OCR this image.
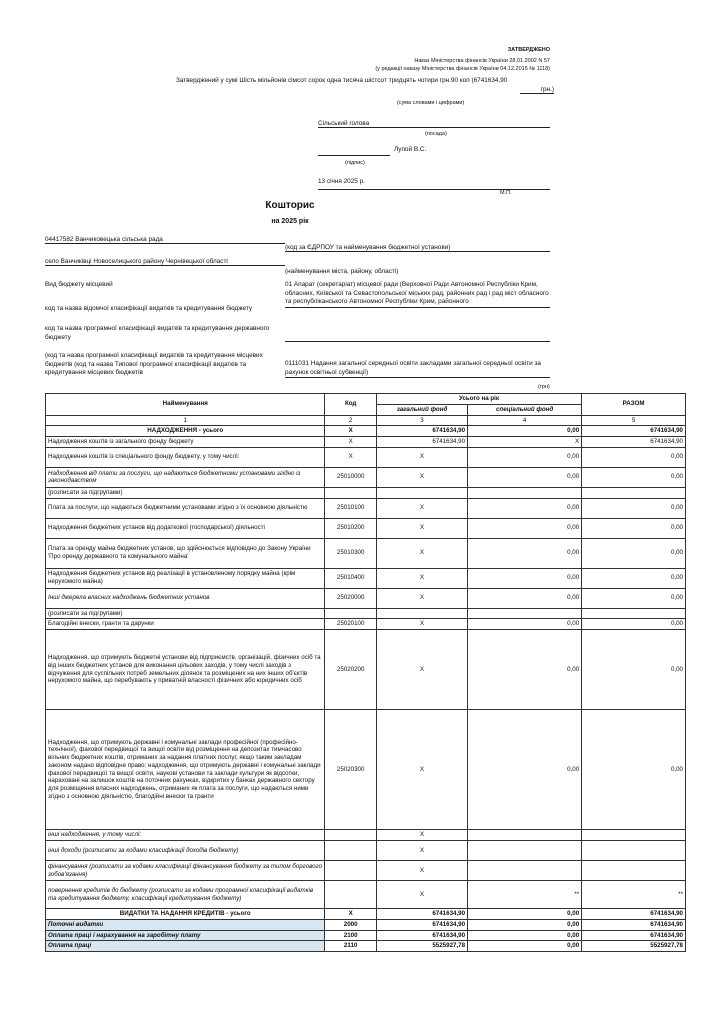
ЗАТВЕРДЖЕНО
Наказ Міністерства фінансів України 28.01.2002 N 57
(у редакції наказу Міністерства фінансів України 04.12.2015 № 1118)
Затверджений у сумі Шість мільйонів сімсот сорок одна тисяча шістсот тридцять чотири грн.90 коп (6741634,90
грн.)
(сума словами і цифрами)
Сільський голова
(посада)
Лупой В.С.
(підпис)
13 січня 2025 р.
М.П.
Кошторис
на 2025 рік
04417582 Ванчиковецька сільська рада
(код за ЄДРПОУ та найменування бюджетної установи)
село Ванчиківці Новоселицького району Чернівецької області
(найменування міста, району, області)
Вид бюджету місцевий
код та назва відомчої класифікації видатків та кредитування бюджету
01 Апарат (секретаріат) місцевої ради (Верховної Ради Автономної Республіки Крим, обласних, Київської та Севастопольської міських рад, районних рад і рад міст обласного та республіканського Автономної Республіки Крим, районного
код та назва програмної класифікації видатків та кредитування державного бюджету
(код та назва програмної класифікації видатків та кредитування місцевих бюджетів (код та назва Типової програмної класифікації видатків та кредитування місцевих бюджетів
0111031 Надання загальної середньої освіти закладами загальної середньої освіти за рахунок освітньої субвенції)
(грн)
Найменування	Код	Усього на рік		РАЗОМ
		загальний фонд	спеціальний фонд	
1	2	3	4	5
НАДХОДЖЕННЯ - усього	X	6741634,90	0,00	6741634,90
Надходження коштів із загального фонду бюджету	X	6741634,90	X	6741634,90
Надходження коштів із спеціального фонду бюджету, у тому числі:	X	X	0,00	0,00
Надходження від плати за послуги, що надаються бюджетними установами згідно із законодавством	25010000	X	0,00	0,00
(розписати за підгрупами)				
Плата за послуги, що надаються бюджетними установами згідно з їх основною діяльністю	25010100	X	0,00	0,00
Надходження бюджетних установ від додаткової (господарської) діяльності	25010200	X	0,00	0,00
Плата за оренду майна бюджетних установ, що здійснюється відповідно до Закону України 'Про оренду державного та комунального майна'	25010300	X	0,00	0,00
Надходження бюджетних установ від реалізації в установленому порядку майна (крім нерухомого майна)	25010400	X	0,00	0,00
Інші джерела власних надходжень бюджетних установ	25020000	X	0,00	0,00
(розписати за підгрупами)				
Благодійні внески, гранти та дарунки	25020100	X	0,00	0,00
Надходження, що отримують бюджетні установи від підприємств, організацій, фізичних осіб та від інших бюджетних установ для виконання цільових заходів, у тому числі заходів з відчуження для суспільних потреб земельних ділянок та розміщених на них інших об'єктів нерухомого майна, що перебувають у приватній власності фізичних або юридичних осіб	25020200	X	0,00	0,00
Надходження, що отримують державні і комунальні заклади професійної (професійно-технічної), фахової передвищої та вищої освіти від розміщення на депозитах тимчасово вільних бюджетних коштів, отриманих за надання платних послуг, якщо таким закладам законом надано відповідне право; надходження, що отримують державні і комунальні заклади фахової передвищої та вищої освіти, наукові установи та заклади культури як відсотки, нараховані на залишок коштів на поточних рахунках, відкритих у банках державного сектору для розміщення власних надходжень, отриманих як плата за послуги, що надаються ними згідно з основною діяльністю, благодійні внески та гранти	25020300	X	0,00	0,00
інші надходження, у тому числі:		X		
інші доходи (розписати за кодами класифікації доходів бюджету)		X		
фінансування (розписати за кодами класифікації фінансування бюджету за типом боргового зобов'язання)		X		
повернення кредитів до бюджету (розписати за кодами програмної класифікації видатків та кредитування бюджету, класифікації кредитування бюджету)		X	**	**
ВИДАТКИ ТА НАДАННЯ КРЕДИТІВ - усього	X	6741634,90	0,00	6741634,90
Поточні видатки	2000	6741634,90	0,00	6741634,90
Оплата праці і нарахування на заробітну плату	2100	6741634,90	0,00	6741634,90
Оплата праці	2110	5525927,78	0,00	5525927,78
